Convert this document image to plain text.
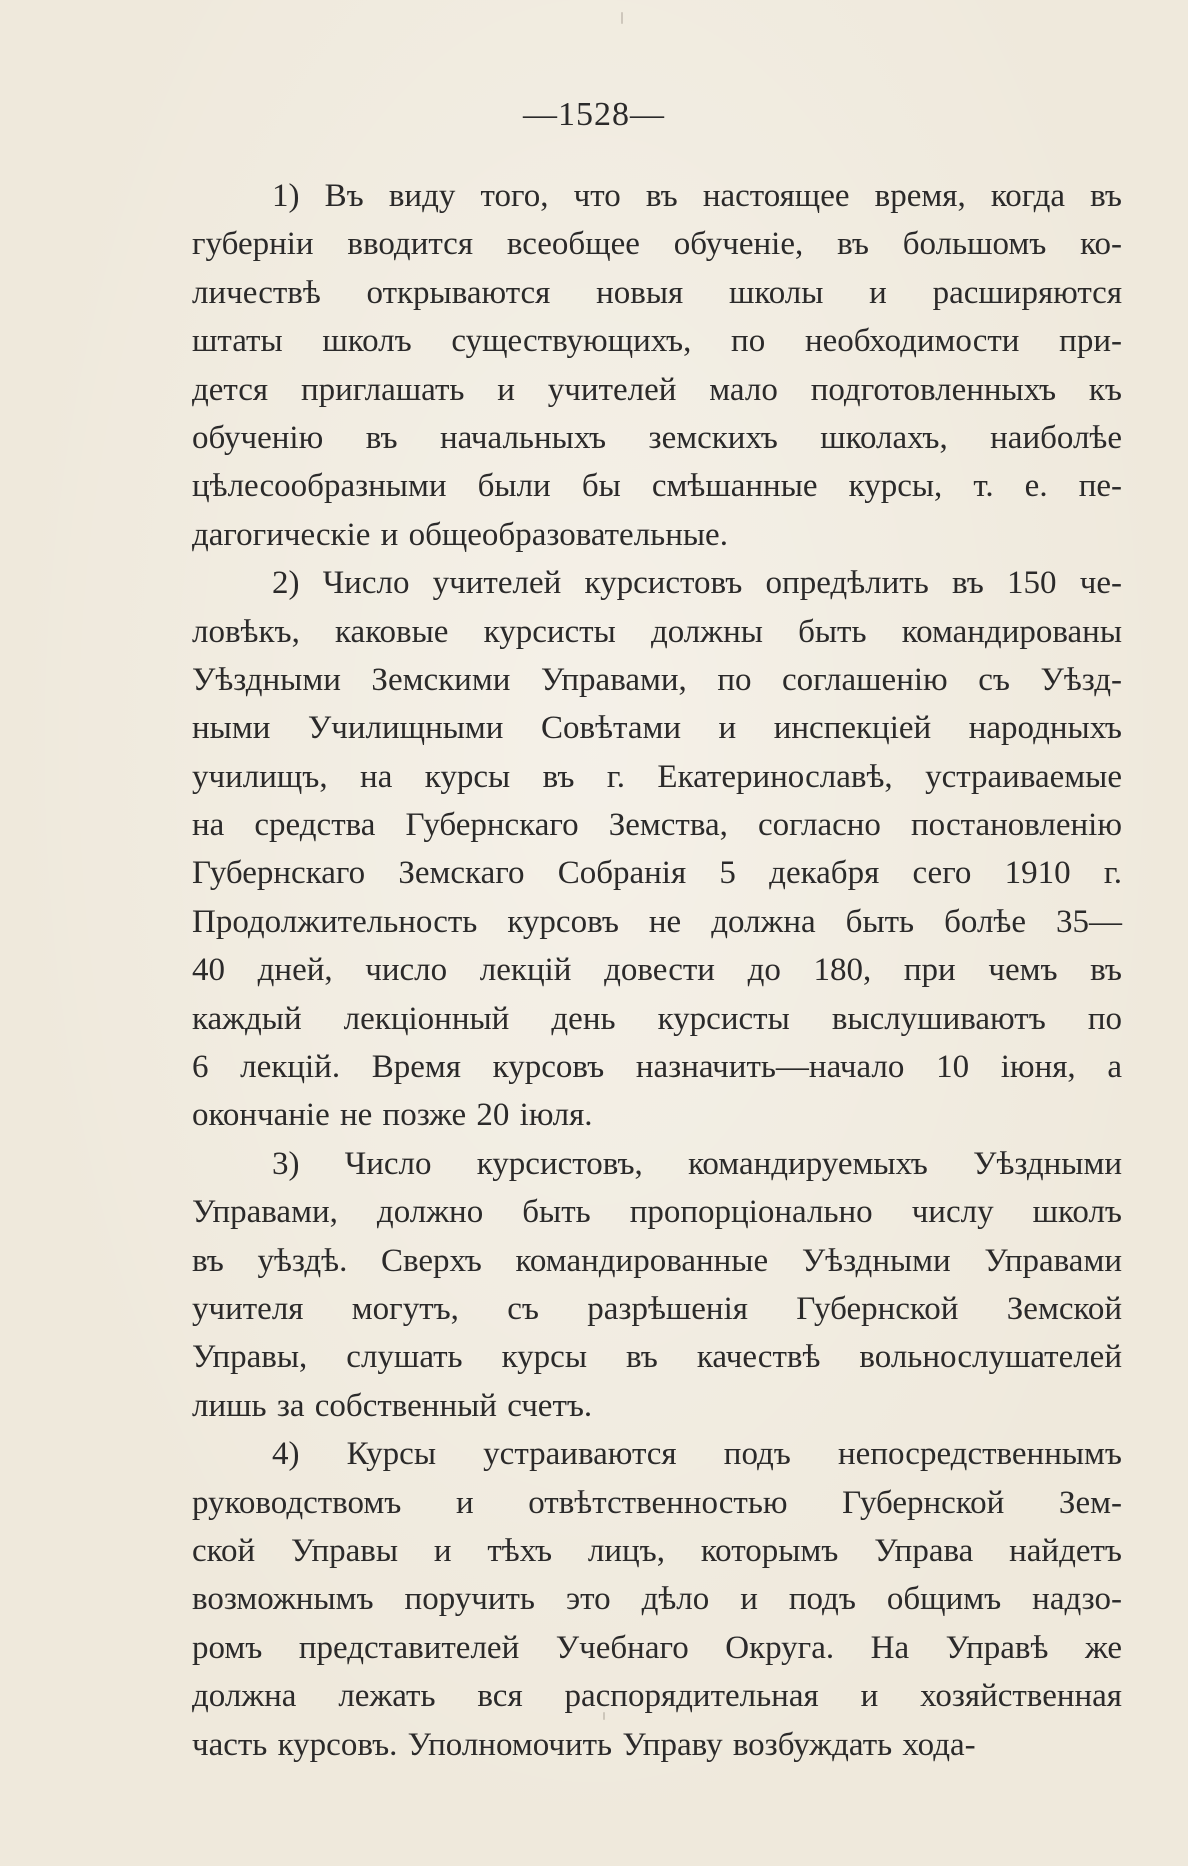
—1528—
1) Въ виду того, что въ настоящее время, когда въ
губерніи вводится всеобщее обученіе, въ большомъ ко-
личествѣ открываются новыя школы и расширяются
штаты школъ существующихъ, по необходимости при-
дется приглашать и учителей мало подготовленныхъ къ
обученію въ начальныхъ земскихъ школахъ, наиболѣе
цѣлесообразными были бы смѣшанные курсы, т. е. пе-
дагогическіе и общеобразовательные.
2) Число учителей курсистовъ опредѣлить въ 150 че-
ловѣкъ, каковые курсисты должны быть командированы
Уѣздными Земскими Управами, по соглашенію съ Уѣзд-
ными Училищными Совѣтами и инспекціей народныхъ
училищъ, на курсы въ г. Екатеринославѣ, устраиваемые
на средства Губернскаго Земства, согласно постановленію
Губернскаго Земскаго Собранія 5 декабря сего 1910 г.
Продолжительность курсовъ не должна быть болѣе 35—
40 дней, число лекцій довести до 180, при чемъ въ
каждый лекціонный день курсисты выслушиваютъ по
6 лекцій. Время курсовъ назначить—начало 10 іюня, а
окончаніе не позже 20 іюля.
3) Число курсистовъ, командируемыхъ Уѣздными
Управами, должно быть пропорціонально числу школъ
въ уѣздѣ. Сверхъ командированные Уѣздными Управами
учителя могутъ, съ разрѣшенія Губернской Земской
Управы, слушать курсы въ качествѣ вольнослушателей
лишь за собственный счетъ.
4) Курсы устраиваются подъ непосредственнымъ
руководствомъ и отвѣтственностью Губернской Зем-
ской Управы и тѣхъ лицъ, которымъ Управа найдетъ
возможнымъ поручить это дѣло и подъ общимъ надзо-
ромъ представителей Учебнаго Округа. На Управѣ же
должна лежать вся распорядительная и хозяйственная
часть курсовъ. Уполномочить Управу возбуждать хода-
